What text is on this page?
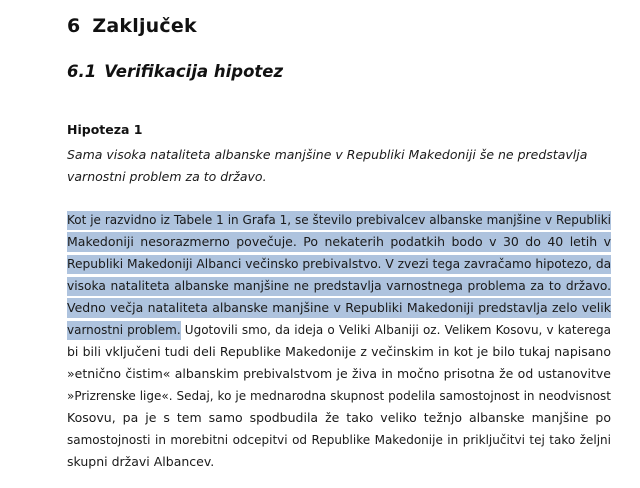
6 Zaključek
6.1 Verifikacija hipotez
Hipoteza 1
Sama visoka nataliteta albanske manjšine v Republiki Makedoniji še ne predstavlja
varnostni problem za to državo.
Kot je razvidno iz Tabele 1 in Grafa 1, se število prebivalcev albanske manjšine v Republiki
Makedoniji nesorazmerno povečuje. Po nekaterih podatkih bodo v 30 do 40 letih v
Republiki Makedoniji Albanci večinsko prebivalstvo. V zvezi tega zavračamo hipotezo, da
visoka nataliteta albanske manjšine ne predstavlja varnostnega problema za to državo.
Vedno večja nataliteta albanske manjšine v Republiki Makedoniji predstavlja zelo velik
varnostni problem. Ugotovili smo, da ideja o Veliki Albaniji oz. Velikem Kosovu, v katerega
bi bili vključeni tudi deli Republike Makedonije z večinskim in kot je bilo tukaj napisano
»etnično čistim« albanskim prebivalstvom je živa in močno prisotna že od ustanovitve
»Prizrenske lige«. Sedaj, ko je mednarodna skupnost podelila samostojnost in neodvisnost
Kosovu, pa je s tem samo spodbudila že tako veliko težnjo albanske manjšine po
samostojnosti in morebitni odcepitvi od Republike Makedonije in priključitvi tej tako željni
skupni državi Albancev.
